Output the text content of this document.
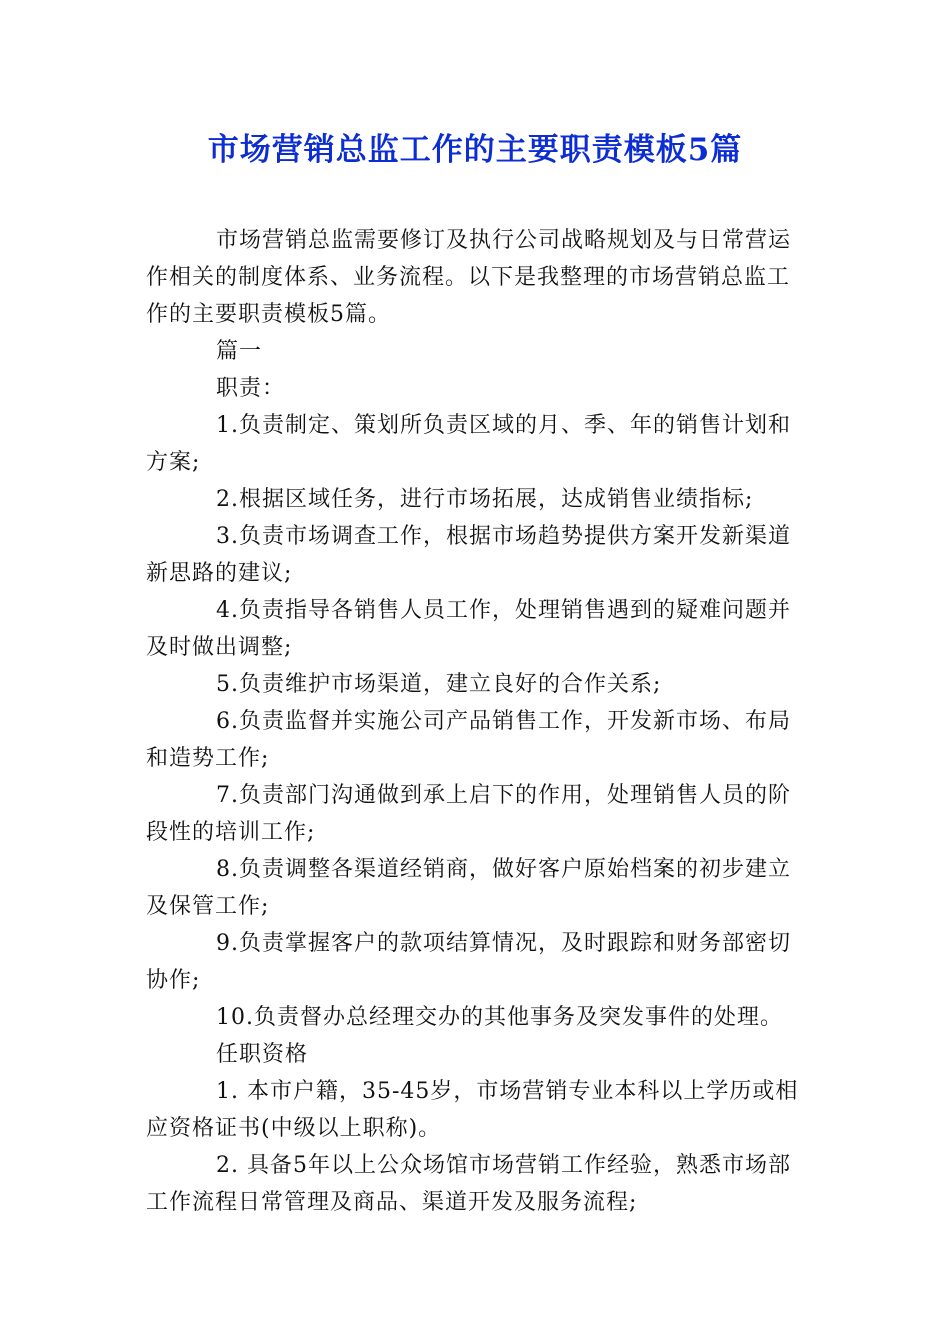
市场营销总监工作的主要职责模板5篇

市场营销总监需要修订及执行公司战略规划及与日常营运作相关的制度体系、业务流程。以下是我整理的市场营销总监工作的主要职责模板5篇。

篇一

职责：

1.负责制定、策划所负责区域的月、季、年的销售计划和方案;

2.根据区域任务，进行市场拓展，达成销售业绩指标;

3.负责市场调查工作，根据市场趋势提供方案开发新渠道新思路的建议;

4.负责指导各销售人员工作，处理销售遇到的疑难问题并及时做出调整;

5.负责维护市场渠道，建立良好的合作关系;

6.负责监督并实施公司产品销售工作，开发新市场、布局和造势工作;

7.负责部门沟通做到承上启下的作用，处理销售人员的阶段性的培训工作;

8.负责调整各渠道经销商，做好客户原始档案的初步建立及保管工作;

9.负责掌握客户的款项结算情况，及时跟踪和财务部密切协作;

10.负责督办总经理交办的其他事务及突发事件的处理。

任职资格

1. 本市户籍，35-45岁，市场营销专业本科以上学历或相应资格证书(中级以上职称)。

2. 具备5年以上公众场馆市场营销工作经验，熟悉市场部工作流程日常管理及商品、渠道开发及服务流程;
